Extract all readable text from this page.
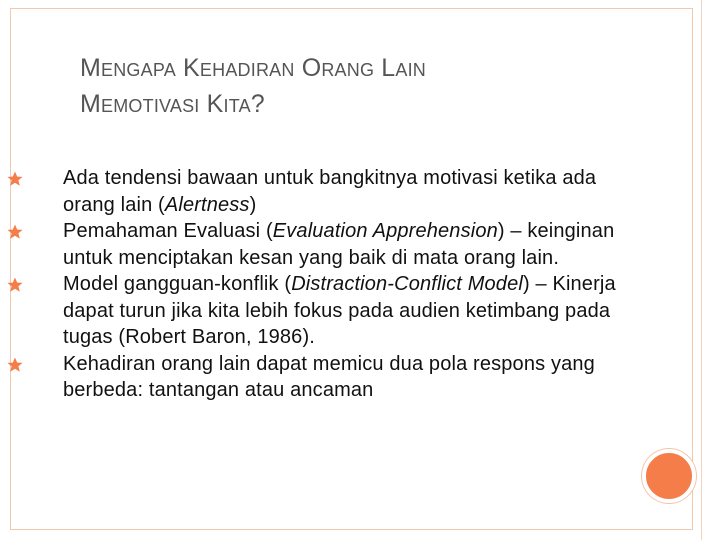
Mengapa Kehadiran Orang Lain
Memotivasi Kita?
Ada tendensi bawaan untuk bangkitnya motivasi ketika ada orang lain (Alertness)
Pemahaman Evaluasi (Evaluation Apprehension) – keinginan untuk menciptakan kesan yang baik di mata orang lain.
Model gangguan-konflik (Distraction-Conflict Model) – Kinerja dapat turun jika kita lebih fokus pada audien ketimbang pada tugas (Robert Baron, 1986).
Kehadiran orang lain dapat memicu dua pola respons yang berbeda: tantangan atau ancaman
